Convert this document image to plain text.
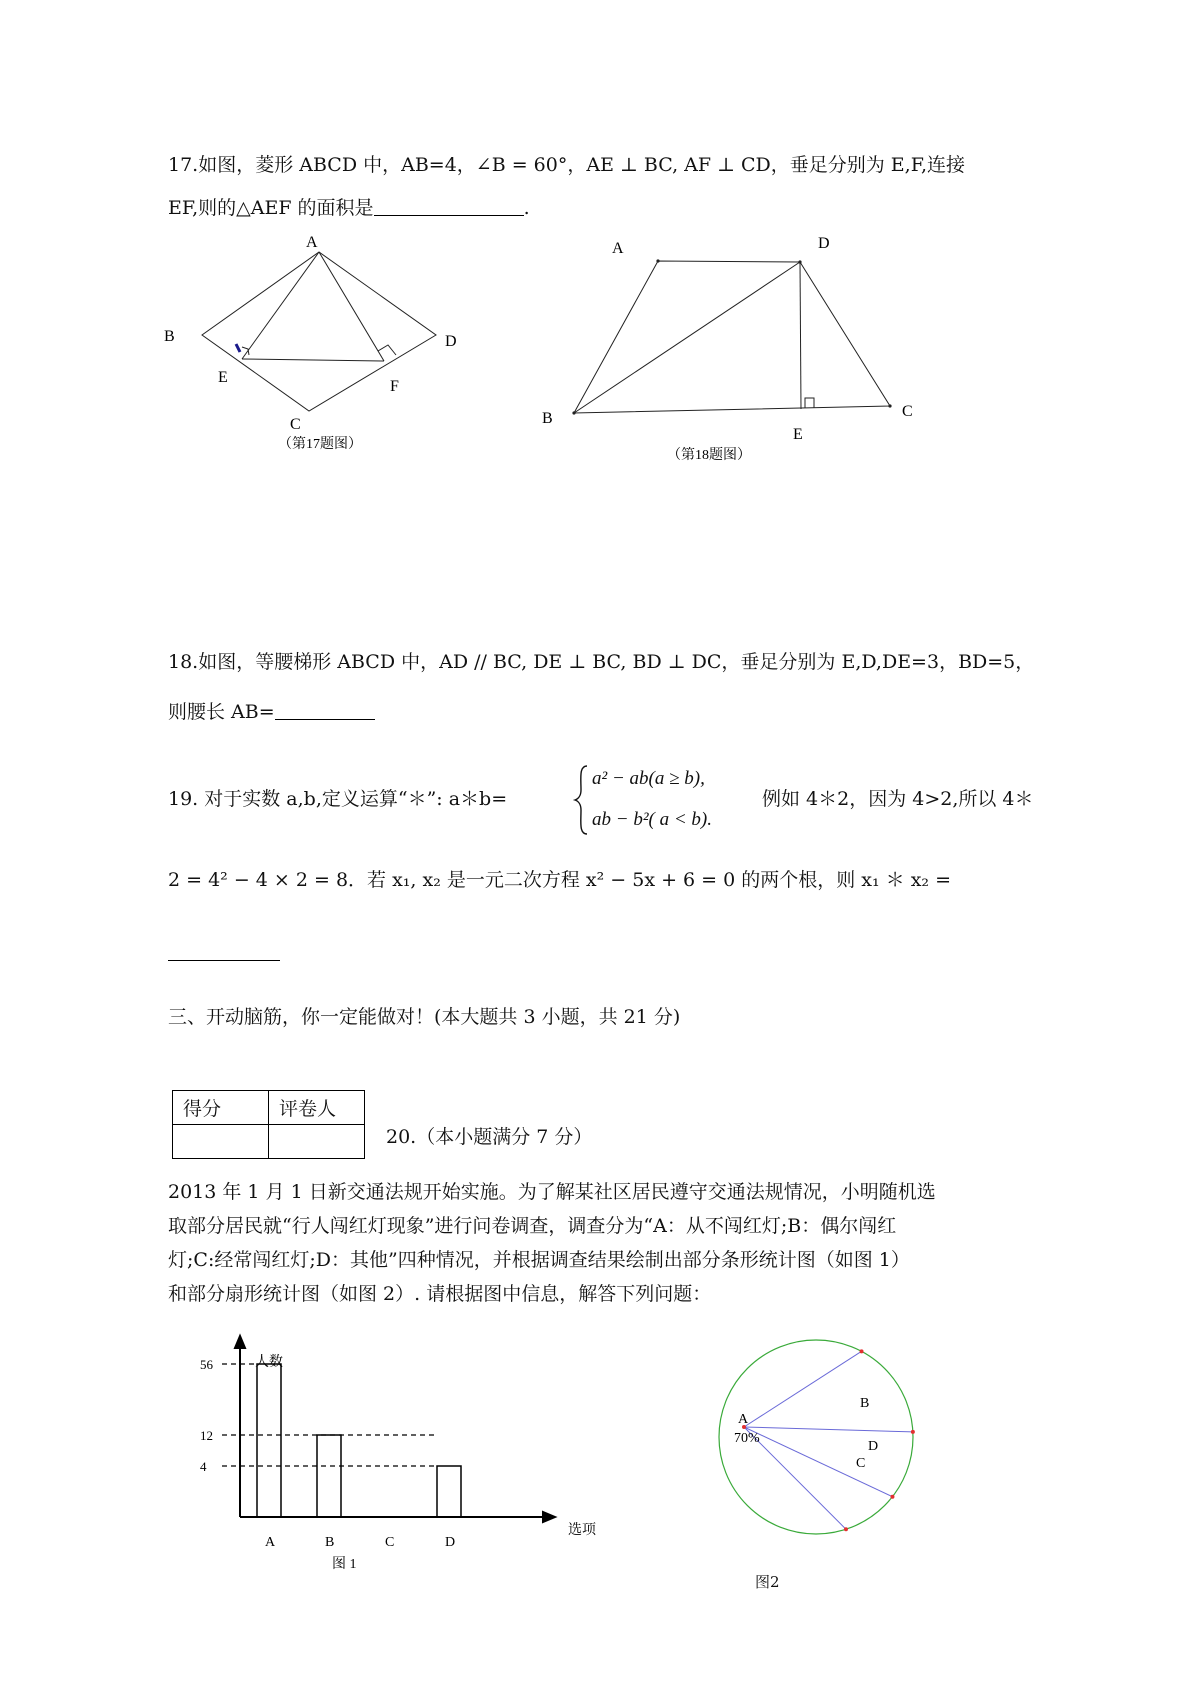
17.如图，菱形 ABCD 中，AB=4，∠B = 60°，AE ⊥ BC, AF ⊥ CD，垂足分别为 E,F,连接
EF,则的△AEF 的面积是	.
A
B
C
D
E
F
（第17题图）
A	D
B	C
E
（第18题图）
18.如图，等腰梯形 ABCD 中，AD // BC, DE ⊥ BC, BD ⊥ DC，垂足分别为 E,D,DE=3，BD=5，
则腰长 AB=
19. 对于实数 a,b,定义运算“＊”: a＊b=
a² − ab(a ≥ b),
ab − b²( a < b).
例如 4＊2，因为 4>2,所以 4＊
2 = 4² − 4 × 2 = 8．若 x₁, x₂ 是一元二次方程 x² − 5x + 6 = 0 的两个根，则 x₁ ＊ x₂ =
三、开动脑筋，你一定能做对！(本大题共 3 小题，共 21 分)
得分	评卷人

20.（本小题满分 7 分）
2013 年 1 月 1 日新交通法规开始实施。为了解某社区居民遵守交通法规情况，小明随机选
取部分居民就“行人闯红灯现象”进行问卷调查，调查分为“A：从不闯红灯;B：偶尔闯红
灯;C:经常闯红灯;D：其他”四种情况，并根据调查结果绘制出部分条形统计图（如图 1）
和部分扇形统计图（如图 2）. 请根据图中信息，解答下列问题：
人数
选项
4
12
56
A	B	C	D
图 1
A
70%
B
D
C
图2
